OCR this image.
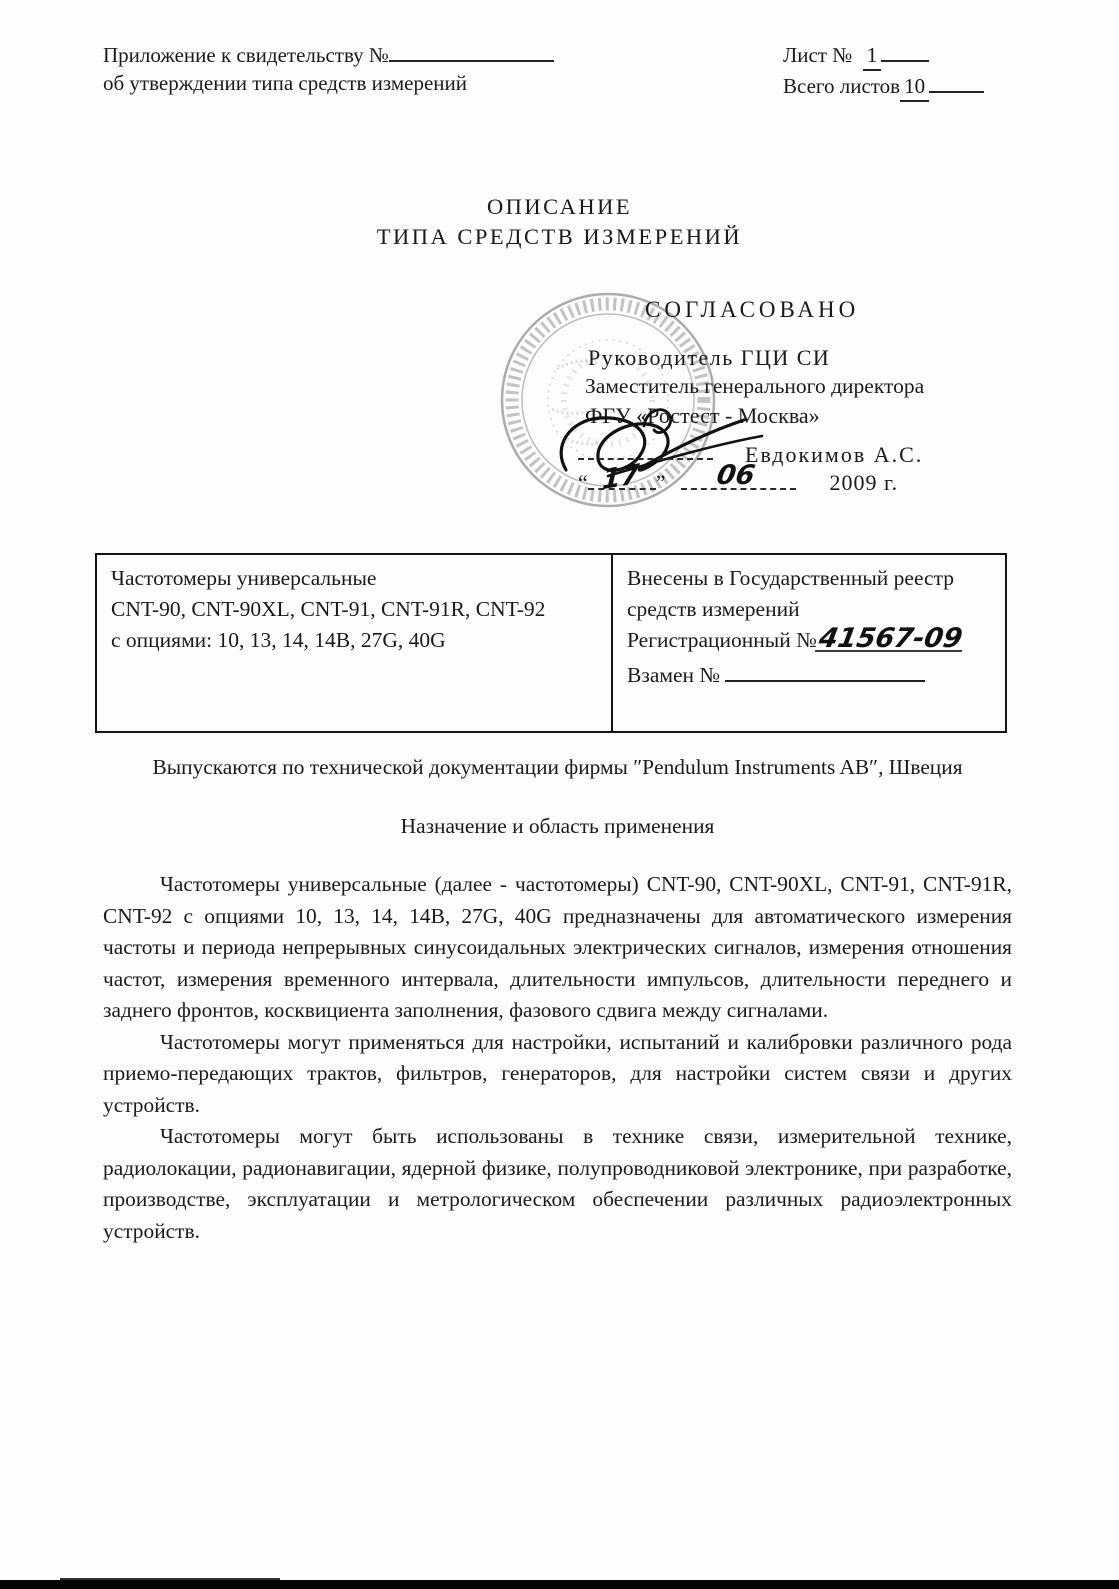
Приложение к свидетельству №
об утверждении типа средств измерений
Лист № 1
Всего листов 10
ОПИСАНИЕ
ТИПА СРЕДСТВ ИЗМЕРЕНИЙ
СОГЛАСОВАНО
Руководитель ГЦИ СИ
Заместитель генерального директора
ФГУ «Ростест - Москва»
Евдокимов А.С.
“ 17 ” 06	2009 г.
Частотомеры универсальные
CNT-90, CNT-90XL, CNT-91, CNT-91R, CNT-92
с опциями: 10, 13, 14, 14B, 27G, 40G
Внесены в Государственный реестр
средств измерений
Регистрационный №41567-09
Взамен №

Выпускаются по технической документации фирмы ″Pendulum Instruments AB″, Швеция

Назначение и область применения

Частотомеры универсальные (далее - частотомеры) CNT-90, CNT-90XL, CNT-91, CNT-91R, CNT-92 с опциями 10, 13, 14, 14B, 27G, 40G предназначены для автоматического измерения частоты и периода непрерывных синусоидальных электрических сигналов, измерения отношения частот, измерения временного интервала, длительности импульсов, длительности переднего и заднего фронтов, косквициента заполнения, фазового сдвига между сигналами.

Частотомеры могут применяться для настройки, испытаний и калибровки различного рода приемо-передающих трактов, фильтров, генераторов, для настройки систем связи и других устройств.

Частотомеры могут быть использованы в технике связи, измерительной технике, радиолокации, радионавигации, ядерной физике, полупроводниковой электронике, при разработке, производстве, эксплуатации и метрологическом обеспечении различных радиоэлектронных устройств.
